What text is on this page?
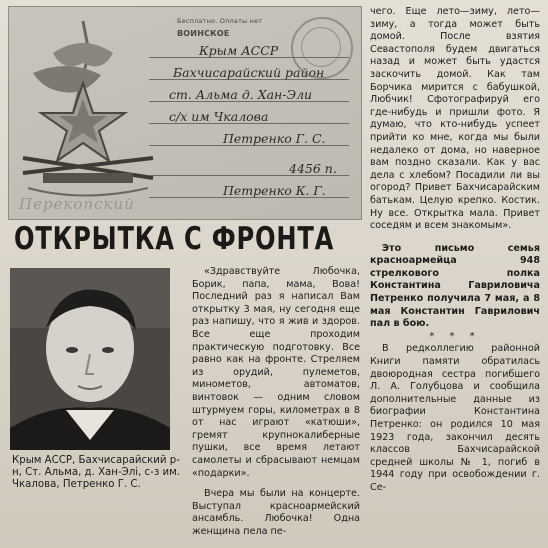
Бесплатно. Оплаты нет
ВОИНСКОЕ
Крым АССР
Бахчисарайский район
ст. Альма д. Хан-Эли
с/х им Чкалова
Петренко Г. С.
4456 п.
Петренко К. Г.
Перекопский
ОТКРЫТКА С ФРОНТА
Крым АССР, Бахчисарайский р-н, Ст. Альма, д. Хан-Элі, с-з им. Чкалова, Петренко Г. С.

«Здравствуйте Любочка, Борик, папа, мама, Вова! Последний раз я написал Вам открытку 3 мая, ну сегодня еще раз напишу, что я жив и здоров. Все еще проходим практическую подготовку. Все равно как на фронте. Стреляем из орудий, пулеметов, минометов, автоматов, винтовок — одним словом штурмуем горы, километрах в 8 от нас играют «катюши», гремят крупнокалиберные пушки, все время летают самолеты и сбрасывают немцам «подарки».

Вчера мы были на концерте. Выступал красноармейский ансамбль. Любочка! Одна женщина пела пе-

чего. Еще лето—зиму, лето—зиму, а тогда может быть домой. После взятия Севастополя будем двигаться назад и может быть удастся заскочить домой. Как там Борчика мирится с бабушкой, Любчик! Сфотографируй его где-нибудь и пришли фото. Я думаю, что кто-нибудь успеет прийти ко мне, когда мы были недалеко от дома, но наверное вам поздно сказали. Как у вас дела с хлебом? Посадили ли вы огород? Привет Бахчисарайским батькам. Целую крепко. Костик. Ну все. Открытка мала. Привет соседям и всем знакомым».

Это письмо семья красноармейца 948 стрелкового полка Константина Гавриловича Петренко получила 7 мая, а 8 мая Константин Гаврилович пал в бою.

* * *

В редколлегию районной Книги памяти обратилась двоюродная сестра погибшего Л. А. Голубцова и сообщила дополнительные данные из биографии Константина Петренко: он родился 10 мая 1923 года, закончил десять классов Бахчисарайской средней школы № 1, погиб в 1944 году при освобождении г. Се-
